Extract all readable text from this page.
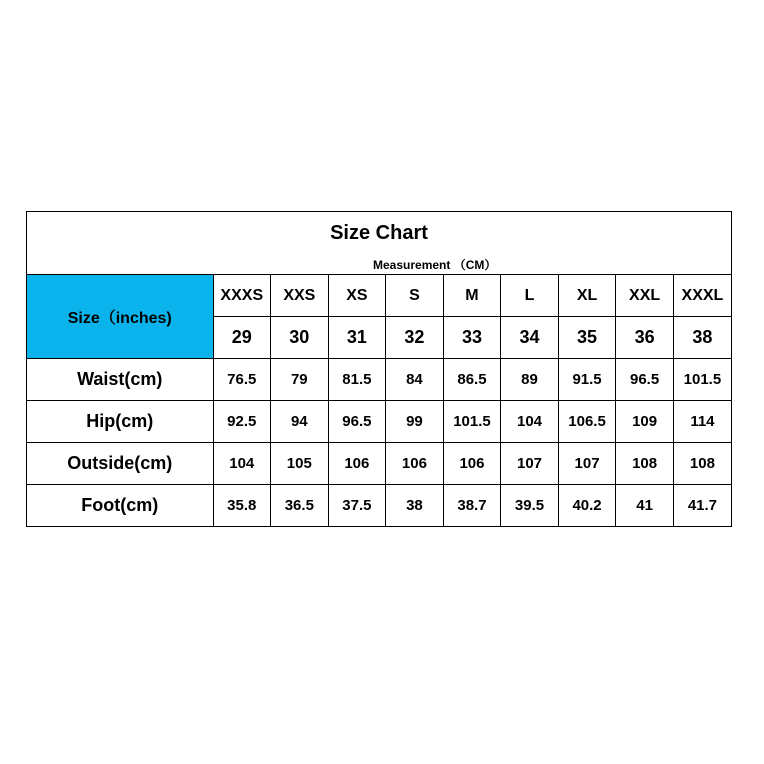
Size Chart
Measurement （CM）
Size（inches)	XXXS	XXS	XS	S	M	L	XL	XXL	XXXL
	29	30	31	32	33	34	35	36	38
Waist(cm)	76.5	79	81.5	84	86.5	89	91.5	96.5	101.5
Hip(cm)	92.5	94	96.5	99	101.5	104	106.5	109	114
Outside(cm)	104	105	106	106	106	107	107	108	108
Foot(cm)	35.8	36.5	37.5	38	38.7	39.5	40.2	41	41.7
